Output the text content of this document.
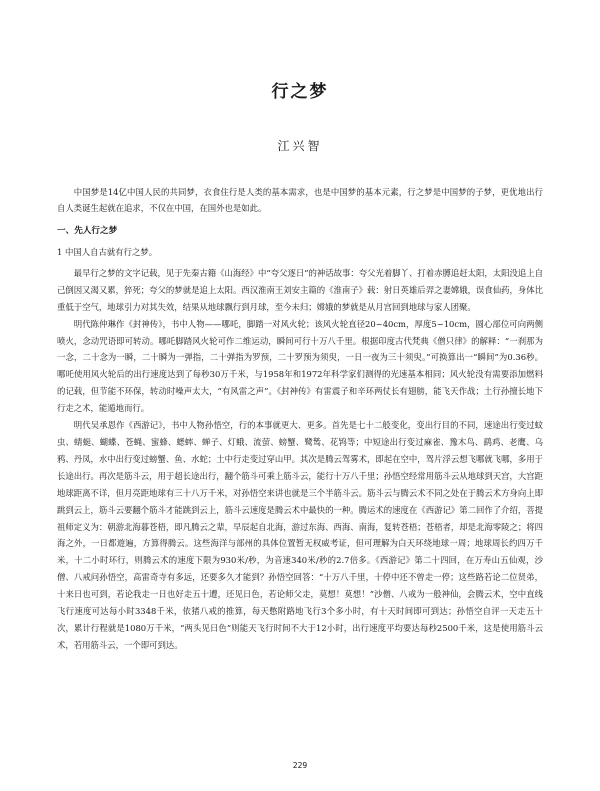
行之梦
江兴智

中国梦是14亿中国人民的共同梦，衣食住行是人类的基本需求，也是中国梦的基本元素，行之梦是中国梦的子梦，更优地出行自人类诞生起就在追求，不仅在中国，在国外也是如此。

一、先人行之梦

1 中国人自古就有行之梦。

最早行之梦的文字记载，见于先秦古籍《山海经》中“夸父逐日”的神话故事：夸父光着脚丫、打着赤膊追赶太阳，太阳没追上自己倒因又渴又累，猝死；夸父的梦就是追上太阳。西汉淮南王刘安主篇的《淮南子》载：射日英雄后羿之妻嫦娥，误食仙药，身体比重低于空气，地球引力对其失效，结果从地球飘行到月球，至今未归；嫦娥的梦就是从月宫回到地球与家人团聚。

明代陈仲琳作《封神传》，书中人物——哪吒，脚踏一对风火轮；该风火轮直径20~40cm，厚度5~10cm，圆心部位可向两侧喷火，念动咒语即可转动。哪吒脚踏风火轮可作二维运动，瞬间可行十万八千里。根据印度古代梵典《僧只律》的解释：“一刹那为一念，二十念为一瞬，二十瞬为一弹指，二十弹指为罗预，二十罗预为须臾，一日一夜为三十须臾。”可换算出一“瞬间”为0.36秒。哪吒使用风火轮后的出行速度达到了每秒30万千米，与1958年和1972年科学家们测得的光速基本相同；风火轮没有需要添加燃料的记载，但节能不环保，转动时噪声太大，“有风雷之声”。《封神传》有雷震子和辛环两仗长有翅膀，能飞天作战；土行孙擅长地下行走之术，能遁地而行。

明代吴承恩作《西游记》，书中人物孙悟空，行的本事就更大、更多。首先是七十二般变化，变出行目的不同，速途出行变过蚊虫、蜻蜓、蝴蝶、苍蝇、蜜蜂、蟋蟀、蝉子、灯蛾、流萤、螃蟹、鹭鸶、花鸨等；中短途出行变过麻雀、豫木鸟、鹞鸡、老鹰、乌鸦、丹凤，水中出行变过螃蟹、鱼、水蛇；土中行走变过穿山甲。其次是腾云驾雾术，即起在空中，驾片浮云想飞哪就飞哪，多用于长途出行。再次是筋斗云，用于超长途出行，翻个筋斗可乘上筋斗云，能行十万八千里；孙悟空经常用筋斗云从地球到天宫，大宫距地球距离不详，但月亮距地球有三十八万千米，对孙悟空来讲也就是三个半筋斗云。筋斗云与腾云术不同之处在于腾云术方身向上即跳到云上，筋斗云要翻个筋斗才能跳到云上，筋斗云速度是腾云术中最快的一种。腾运术的速度在《西游记》第二回作了介绍，菩提祖师定义为：朝游北海暮苍梧，即凡腾云之辈，早辰起自北海，游过东海、西海、南海，复转苍梧；苍梧者，却是北海零陵之；将四海之外，一日都遊遍，方算得腾云。这些海洋与部州的具体位置暂无权威考证，但可理解为白天环绕地球一周；地球周长约四万千米，十二小时环行，则腾云术的速度下限为930米/秒，为音速340米/秒的2.7倍多。《西游记》第二十四回，在万寿山五仙观，沙僧、八戒问孙悟空，高雷奇寺有多远，还要多久才能到？孙悟空回答：“十万八千里，十停中还不曾走一停；这些路若论二位贤弟，十来日也可到，若论我走一日也好走五十遭，还见日色，若论师父走，莫想！莫想！”沙僧、八戒为一般神仙，会腾云术，空中直线飞行速度可达每小时3348千米，依猪八戒的推算，每天憋附路地飞行3个多小时，有十天时间即可到达；孙悟空自评一天走五十次，累计行程就是1080万千米，“两头见日色”则能天飞行时间不大于12小时，出行速度平均要达每秒2500千米，这是使用筋斗云术，若用筋斗云，一个即可到达。

229
